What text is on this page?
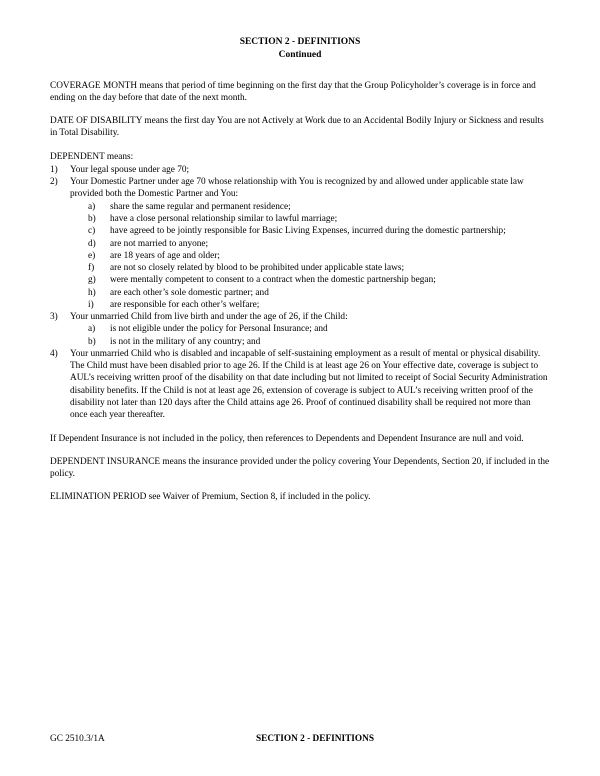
SECTION 2 - DEFINITIONS
Continued

COVERAGE MONTH means that period of time beginning on the first day that the Group Policyholder’s coverage is in force and ending on the day before that date of the next month.

DATE OF DISABILITY means the first day You are not Actively at Work due to an Accidental Bodily Injury or Sickness and results in Total Disability.

DEPENDENT means:
1)	Your legal spouse under age 70;
2)	Your Domestic Partner under age 70 whose relationship with You is recognized by and allowed under applicable state law provided both the Domestic Partner and You:
a)	share the same regular and permanent residence;
b)	have a close personal relationship similar to lawful marriage;
c)	have agreed to be jointly responsible for Basic Living Expenses, incurred during the domestic partnership;
d)	are not married to anyone;
e)	are 18 years of age and older;
f)	are not so closely related by blood to be prohibited under applicable state laws;
g)	were mentally competent to consent to a contract when the domestic partnership began;
h)	are each other’s sole domestic partner; and
i)	are responsible for each other’s welfare;
3)	Your unmarried Child from live birth and under the age of 26, if the Child:
a)	is not eligible under the policy for Personal Insurance; and
b)	is not in the military of any country; and
4)	Your unmarried Child who is disabled and incapable of self-sustaining employment as a result of mental or physical disability. The Child must have been disabled prior to age 26. If the Child is at least age 26 on Your effective date, coverage is subject to AUL’s receiving written proof of the disability on that date including but not limited to receipt of Social Security Administration disability benefits. If the Child is not at least age 26, extension of coverage is subject to AUL’s receiving written proof of the disability not later than 120 days after the Child attains age 26. Proof of continued disability shall be required not more than once each year thereafter.

If Dependent Insurance is not included in the policy, then references to Dependents and Dependent Insurance are null and void.

DEPENDENT INSURANCE means the insurance provided under the policy covering Your Dependents, Section 20, if included in the policy.

ELIMINATION PERIOD see Waiver of Premium, Section 8, if included in the policy.

GC 2510.3/1A	SECTION 2 - DEFINITIONS
